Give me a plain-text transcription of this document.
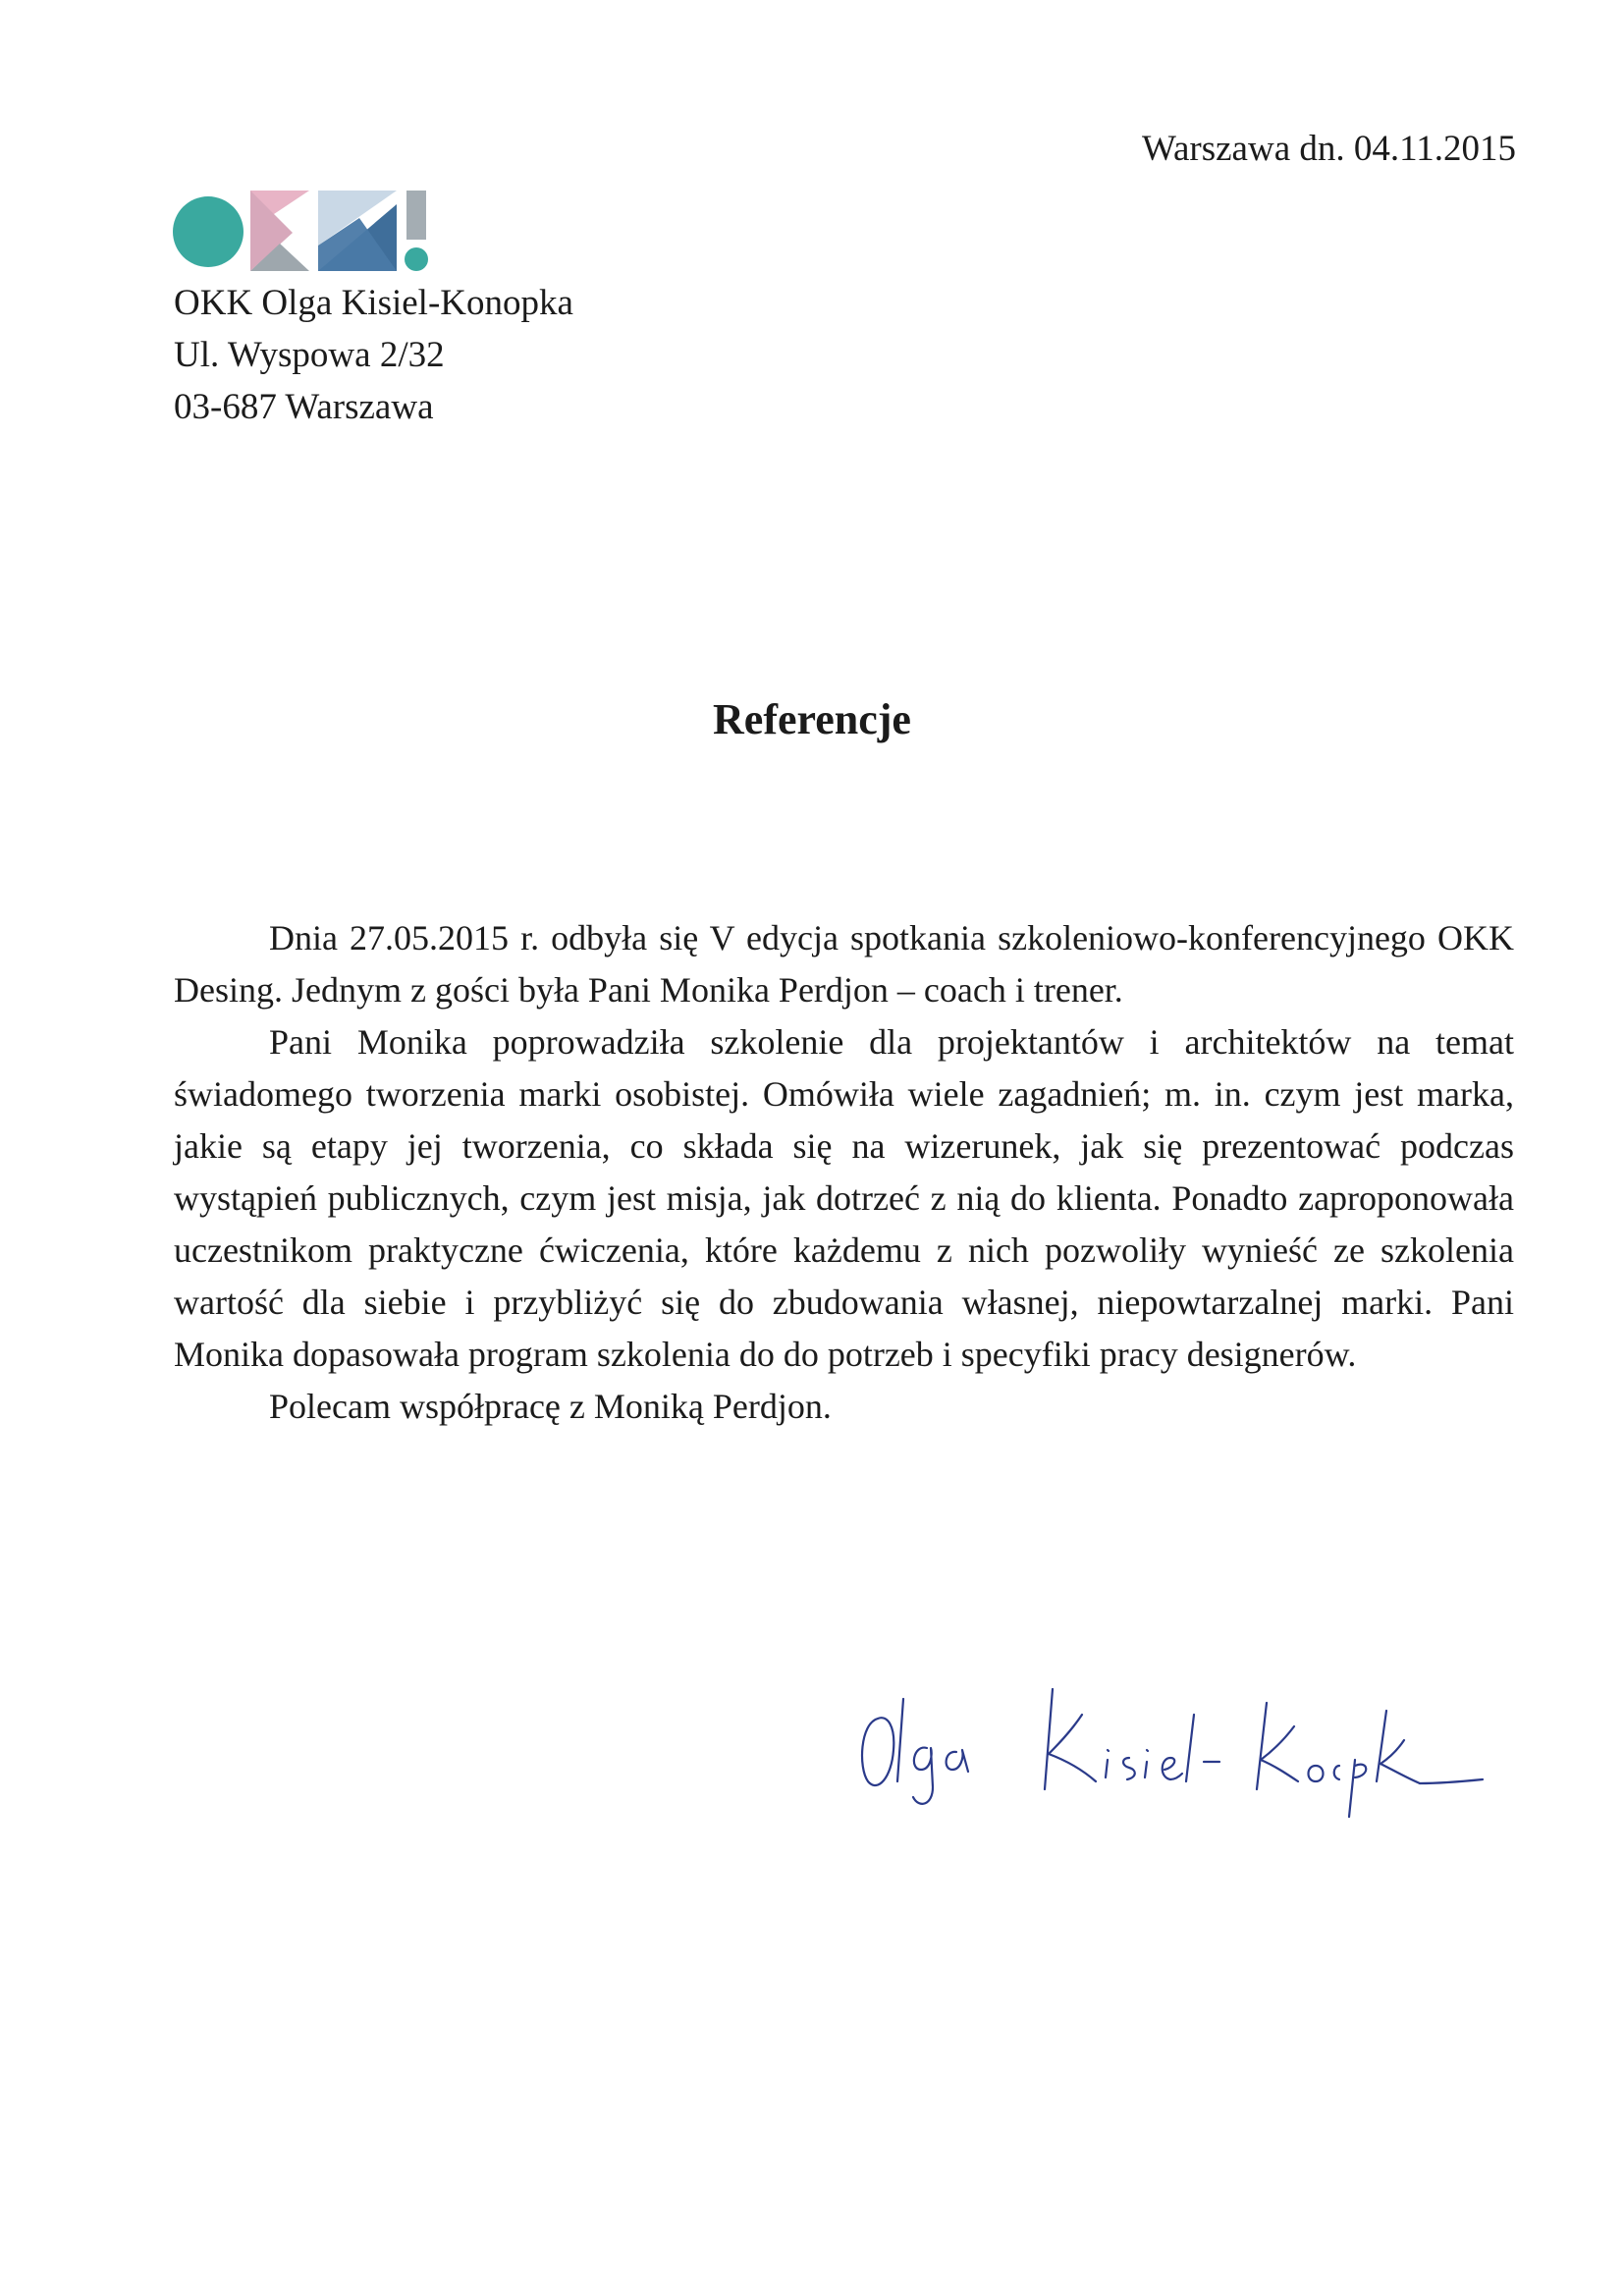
Warszawa dn. 04.11.2015
OKK Olga Kisiel-Konopka
Ul. Wyspowa 2/32
03-687 Warszawa
Referencje

Dnia 27.05.2015 r. odbyła się V edycja spotkania szkoleniowo-konferencyjnego OKK Desing. Jednym z gości była Pani Monika Perdjon – coach i trener.

Pani Monika poprowadziła szkolenie dla projektantów i architektów na temat świadomego tworzenia marki osobistej. Omówiła wiele zagadnień; m. in. czym jest marka, jakie są etapy jej tworzenia, co składa się na wizerunek, jak się prezentować podczas wystąpień publicznych, czym jest misja, jak dotrzeć z nią do klienta. Ponadto zaproponowała uczestnikom praktyczne ćwiczenia, które każdemu z nich pozwoliły wynieść ze szkolenia wartość dla siebie i przybliżyć się do zbudowania własnej, niepowtarzalnej marki. Pani Monika dopasowała program szkolenia do do potrzeb i specyfiki pracy designerów.

Polecam współpracę z Moniką Perdjon.
